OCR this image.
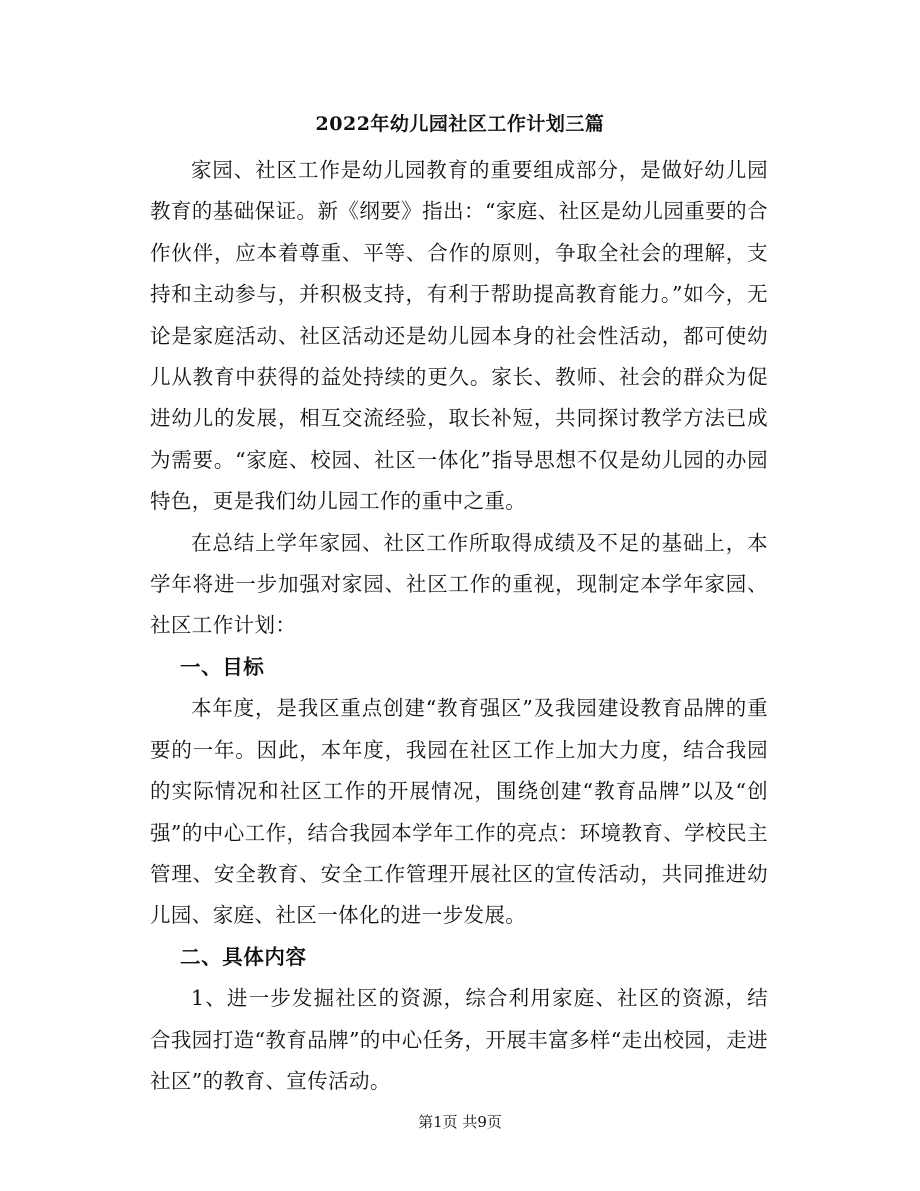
2022年幼儿园社区工作计划三篇

家园、社区工作是幼儿园教育的重要组成部分，是做好幼儿园教育的基础保证。新《纲要》指出：“家庭、社区是幼儿园重要的合作伙伴，应本着尊重、平等、合作的原则，争取全社会的理解，支持和主动参与，并积极支持，有利于帮助提高教育能力。”如今，无论是家庭活动、社区活动还是幼儿园本身的社会性活动，都可使幼儿从教育中获得的益处持续的更久。家长、教师、社会的群众为促进幼儿的发展，相互交流经验，取长补短，共同探讨教学方法已成为需要。“家庭、校园、社区一体化”指导思想不仅是幼儿园的办园特色，更是我们幼儿园工作的重中之重。

在总结上学年家园、社区工作所取得成绩及不足的基础上，本学年将进一步加强对家园、社区工作的重视，现制定本学年家园、社区工作计划：

一、目标

本年度，是我区重点创建“教育强区”及我园建设教育品牌的重要的一年。因此，本年度，我园在社区工作上加大力度，结合我园的实际情况和社区工作的开展情况，围绕创建“教育品牌”以及“创强”的中心工作，结合我园本学年工作的亮点：环境教育、学校民主管理、安全教育、安全工作管理开展社区的宣传活动，共同推进幼儿园、家庭、社区一体化的进一步发展。

二、具体内容

1、进一步发掘社区的资源，综合利用家庭、社区的资源，结合我园打造“教育品牌”的中心任务，开展丰富多样“走出校园，走进社区”的教育、宣传活动。

第1页 共9页
